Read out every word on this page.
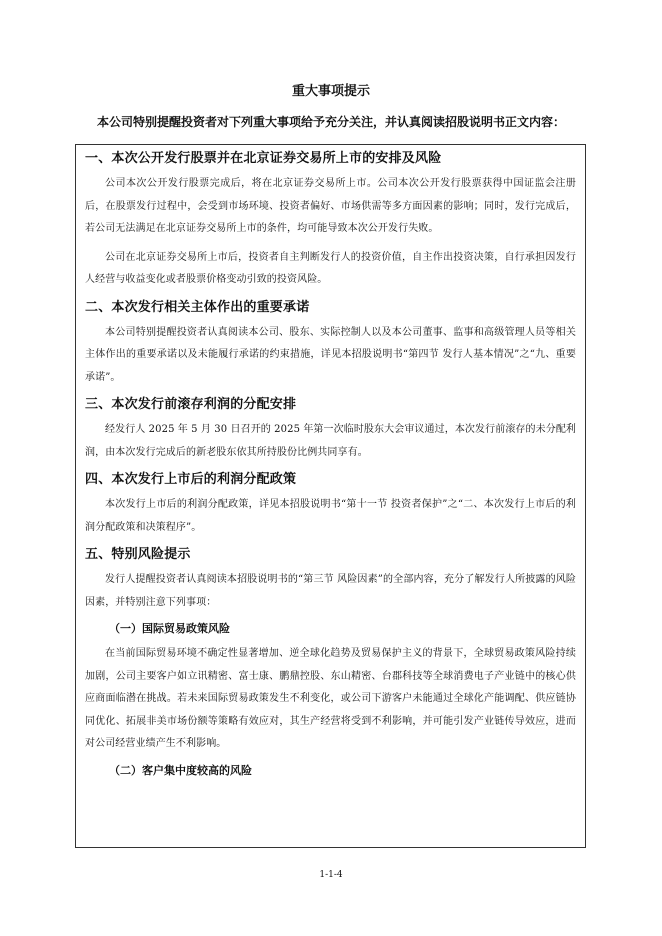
重大事项提示
本公司特别提醒投资者对下列重大事项给予充分关注，并认真阅读招股说明书正文内容：
一、本次公开发行股票并在北京证券交易所上市的安排及风险

公司本次公开发行股票完成后，将在北京证券交易所上市。公司本次公开发行股票获得中国证监会注册后，在股票发行过程中，会受到市场环境、投资者偏好、市场供需等多方面因素的影响；同时，发行完成后，若公司无法满足在北京证券交易所上市的条件，均可能导致本次公开发行失败。

公司在北京证券交易所上市后，投资者自主判断发行人的投资价值，自主作出投资决策，自行承担因发行人经营与收益变化或者股票价格变动引致的投资风险。

二、本次发行相关主体作出的重要承诺

本公司特别提醒投资者认真阅读本公司、股东、实际控制人以及本公司董事、监事和高级管理人员等相关主体作出的重要承诺以及未能履行承诺的约束措施，详见本招股说明书“第四节 发行人基本情况”之“九、重要承诺”。

三、本次发行前滚存利润的分配安排

经发行人 2025 年 5 月 30 日召开的 2025 年第一次临时股东大会审议通过，本次发行前滚存的未分配利润，由本次发行完成后的新老股东依其所持股份比例共同享有。

四、本次发行上市后的利润分配政策

本次发行上市后的利润分配政策，详见本招股说明书“第十一节 投资者保护”之“二、本次发行上市后的利润分配政策和决策程序”。

五、特别风险提示

发行人提醒投资者认真阅读本招股说明书的“第三节 风险因素”的全部内容，充分了解发行人所披露的风险因素，并特别注意下列事项：

（一）国际贸易政策风险

在当前国际贸易环境不确定性显著增加、逆全球化趋势及贸易保护主义的背景下，全球贸易政策风险持续加剧，公司主要客户如立讯精密、富士康、鹏鼎控股、东山精密、台郡科技等全球消费电子产业链中的核心供应商面临潜在挑战。若未来国际贸易政策发生不利变化，或公司下游客户未能通过全球化产能调配、供应链协同优化、拓展非美市场份额等策略有效应对，其生产经营将受到不利影响，并可能引发产业链传导效应，进而对公司经营业绩产生不利影响。

（二）客户集中度较高的风险
1-1-4
